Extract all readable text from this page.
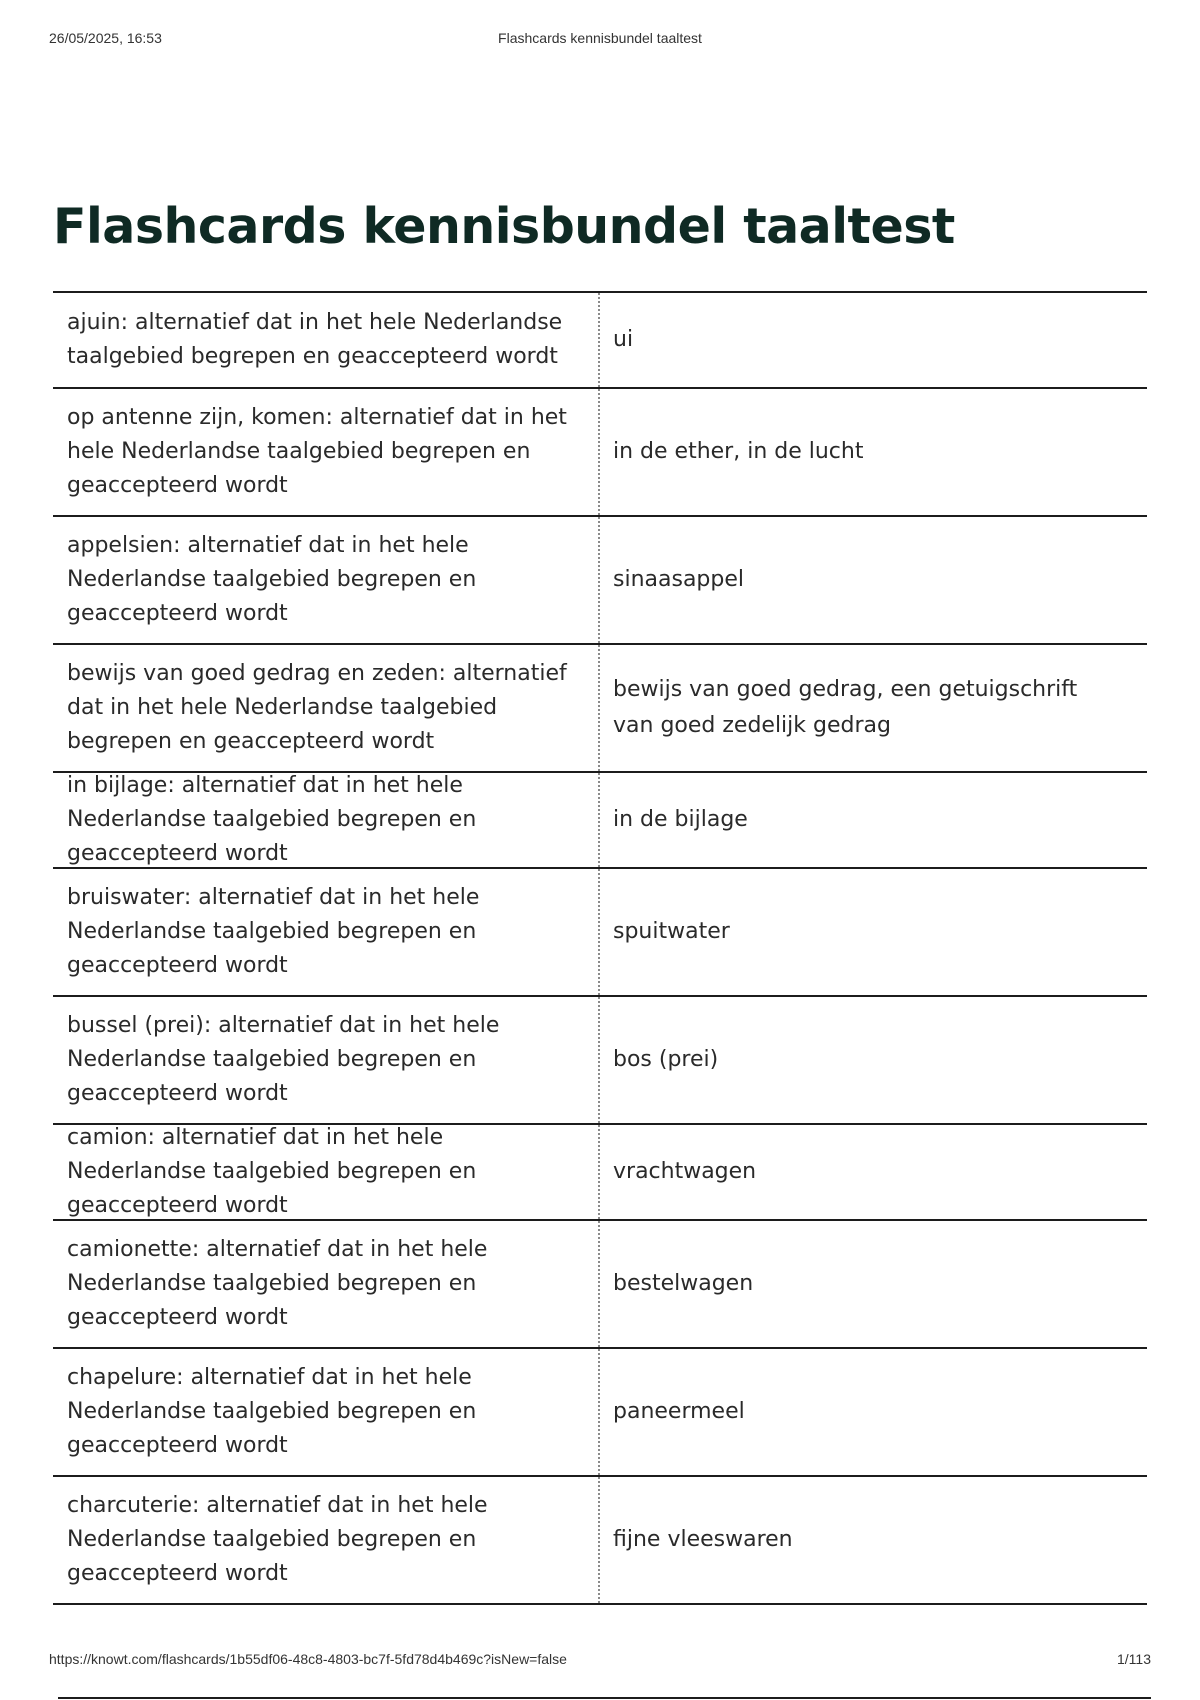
26/05/2025, 16:53	Flashcards kennisbundel taaltest
Flashcards kennisbundel taaltest
ajuin: alternatief dat in het hele Nederlandse taalgebied begrepen en geaccepteerd wordt
ui
op antenne zijn, komen: alternatief dat in het hele Nederlandse taalgebied begrepen en geaccepteerd wordt
in de ether, in de lucht
appelsien: alternatief dat in het hele Nederlandse taalgebied begrepen en geaccepteerd wordt
sinaasappel
bewijs van goed gedrag en zeden: alternatief dat in het hele Nederlandse taalgebied begrepen en geaccepteerd wordt
bewijs van goed gedrag, een getuigschrift van goed zedelijk gedrag
in bijlage: alternatief dat in het hele Nederlandse taalgebied begrepen en geaccepteerd wordt
in de bijlage
bruiswater: alternatief dat in het hele Nederlandse taalgebied begrepen en geaccepteerd wordt
spuitwater
bussel (prei): alternatief dat in het hele Nederlandse taalgebied begrepen en geaccepteerd wordt
bos (prei)
camion: alternatief dat in het hele Nederlandse taalgebied begrepen en geaccepteerd wordt
vrachtwagen
camionette: alternatief dat in het hele Nederlandse taalgebied begrepen en geaccepteerd wordt
bestelwagen
chapelure: alternatief dat in het hele Nederlandse taalgebied begrepen en geaccepteerd wordt
paneermeel
charcuterie: alternatief dat in het hele Nederlandse taalgebied begrepen en geaccepteerd wordt
fijne vleeswaren
https://knowt.com/flashcards/1b55df06-48c8-4803-bc7f-5fd78d4b469c?isNew=false	1/113
